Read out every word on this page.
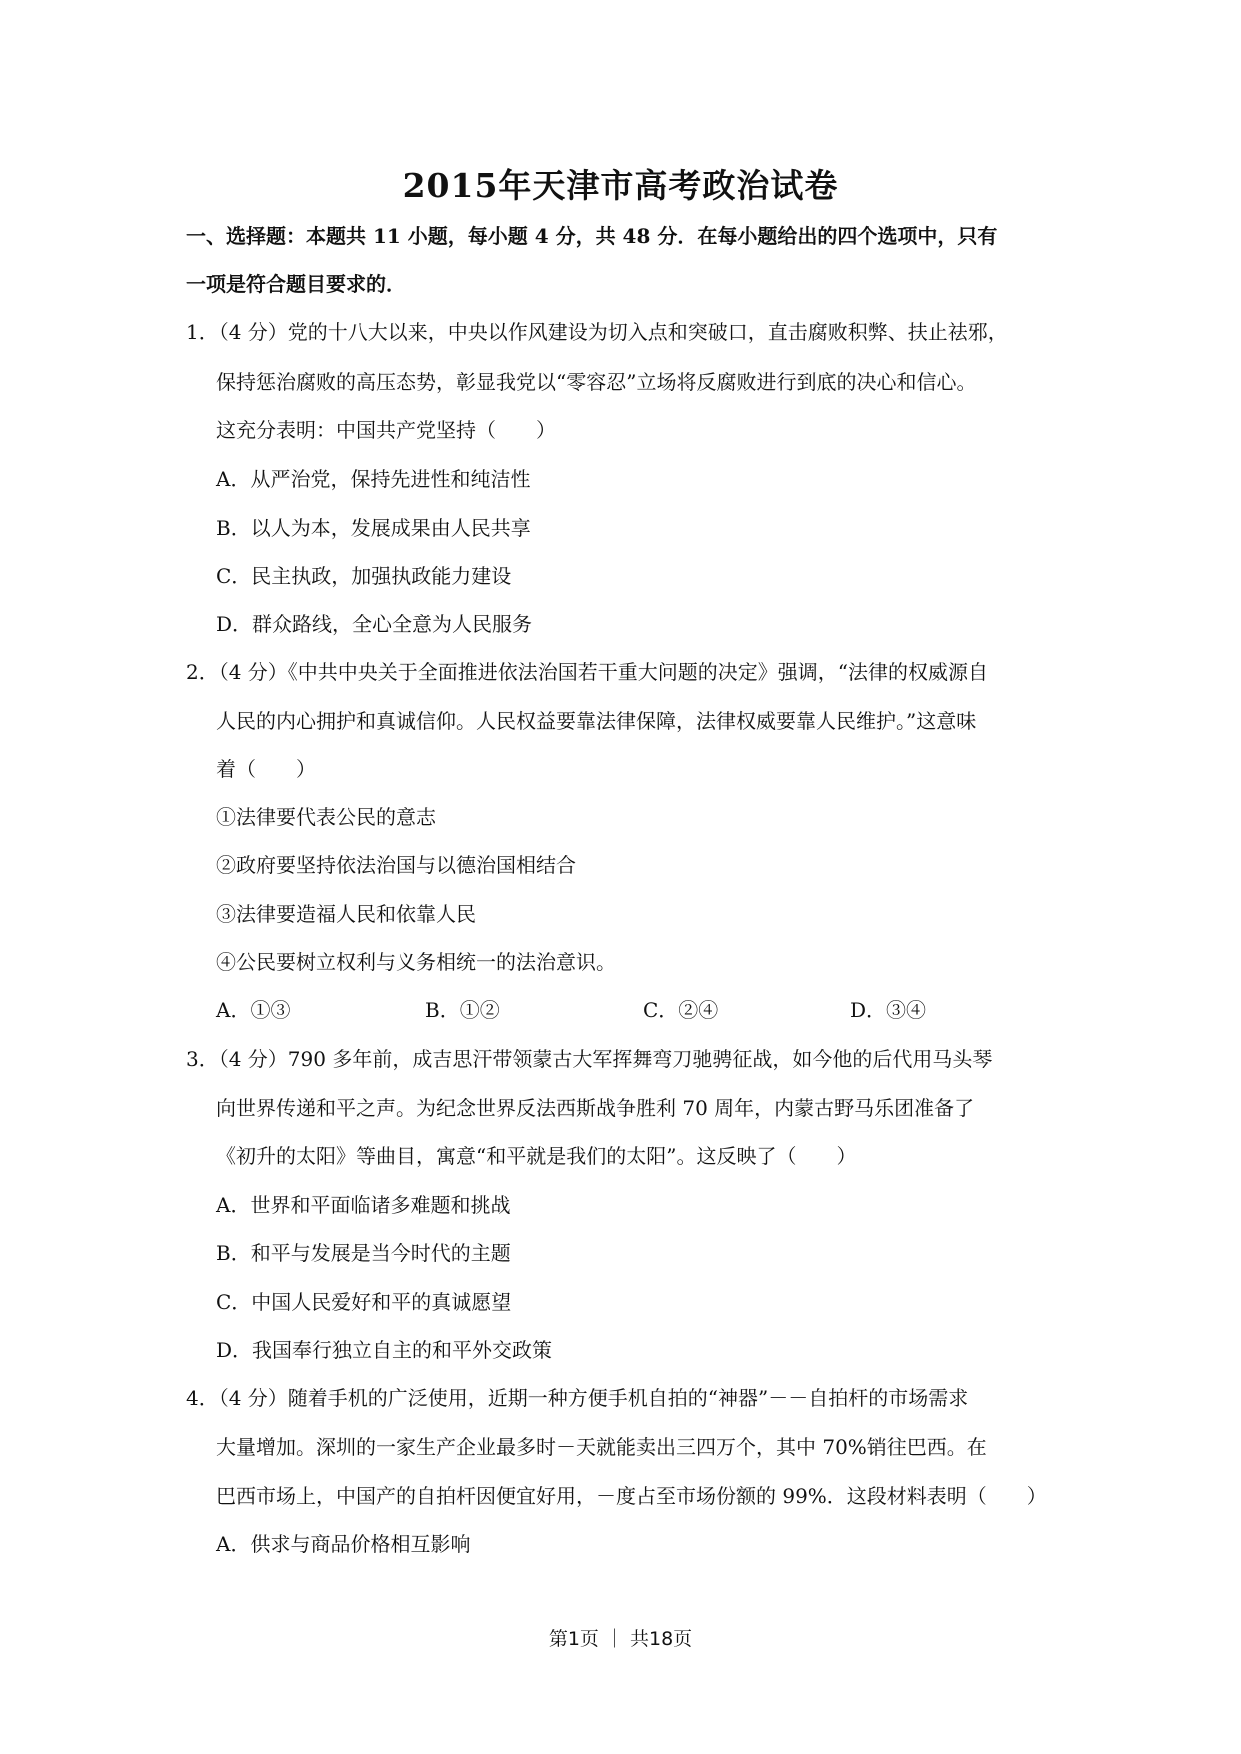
2015年天津市高考政治试卷
一、选择题：本题共 11 小题，每小题 4 分，共 48 分．在每小题给出的四个选项中，只有
一项是符合题目要求的．
1．（4 分）党的十八大以来，中央以作风建设为切入点和突破口，直击腐败积弊、扶止祛邪，
保持惩治腐败的高压态势，彰显我党以“零容忍”立场将反腐败进行到底的决心和信心。
这充分表明：中国共产党坚持（　　）
A．从严治党，保持先进性和纯洁性
B．以人为本，发展成果由人民共享
C．民主执政，加强执政能力建设
D．群众路线，全心全意为人民服务
2．（4 分）《中共中央关于全面推进依法治国若干重大问题的决定》强调，“法律的权威源自
人民的内心拥护和真诚信仰。人民权益要靠法律保障，法律权威要靠人民维护。”这意味
着（　　）
①法律要代表公民的意志
②政府要坚持依法治国与以德治国相结合
③法律要造福人民和依靠人民
④公民要树立权利与义务相统一的法治意识。
A．①③	B．①②	C．②④	D．③④
3．（4 分）790 多年前，成吉思汗带领蒙古大军挥舞弯刀驰骋征战，如今他的后代用马头琴
向世界传递和平之声。为纪念世界反法西斯战争胜利 70 周年，内蒙古野马乐团准备了
《初升的太阳》等曲目，寓意“和平就是我们的太阳”。这反映了（　　）
A．世界和平面临诸多难题和挑战
B．和平与发展是当今时代的主题
C．中国人民爱好和平的真诚愿望
D．我国奉行独立自主的和平外交政策
4．（4 分）随着手机的广泛使用，近期一种方便手机自拍的“神器”－－自拍杆的市场需求
大量增加。深圳的一家生产企业最多时－天就能卖出三四万个，其中 70%销往巴西。在
巴西市场上，中国产的自拍杆因便宜好用，－度占至市场份额的 99%．这段材料表明（　　）
A．供求与商品价格相互影响
第1页 ｜ 共18页
